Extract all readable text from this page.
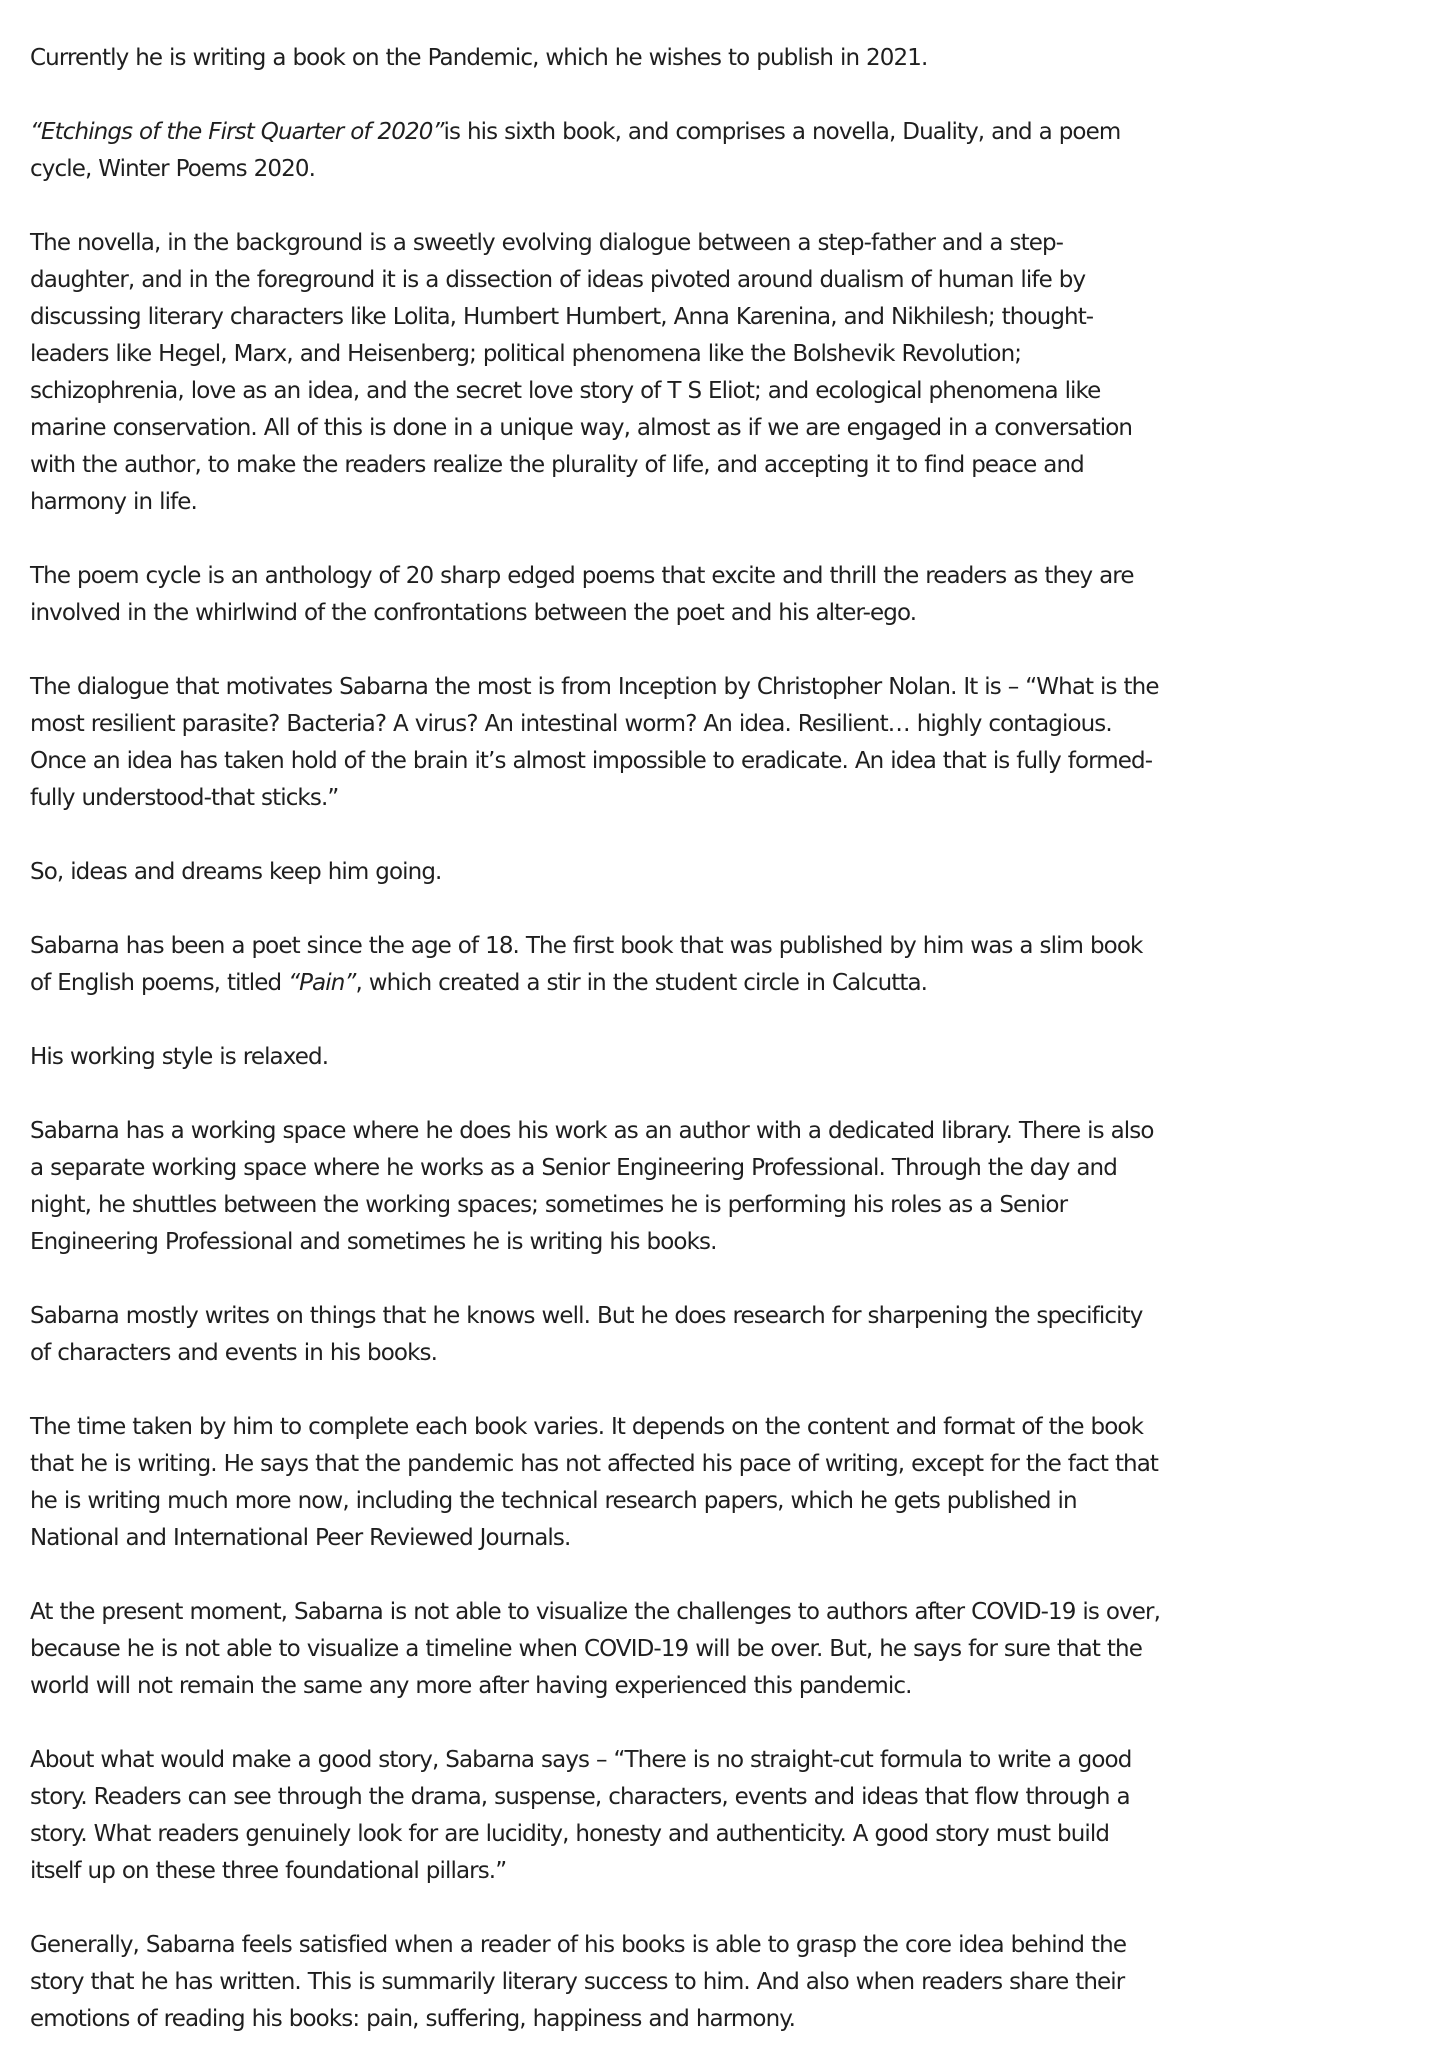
Currently he is writing a book on the Pandemic, which he wishes to publish in 2021.

“Etchings of the First Quarter of 2020”is his sixth book, and comprises a novella, Duality, and a poem cycle, Winter Poems 2020.

The novella, in the background is a sweetly evolving dialogue between a step-father and a step-daughter, and in the foreground it is a dissection of ideas pivoted around dualism of human life by discussing literary characters like Lolita, Humbert Humbert, Anna Karenina, and Nikhilesh; thought-leaders like Hegel, Marx, and Heisenberg; political phenomena like the Bolshevik Revolution; schizophrenia, love as an idea, and the secret love story of T S Eliot; and ecological phenomena like marine conservation. All of this is done in a unique way, almost as if we are engaged in a conversation with the author, to make the readers realize the plurality of life, and accepting it to find peace and harmony in life.

The poem cycle is an anthology of 20 sharp edged poems that excite and thrill the readers as they are involved in the whirlwind of the confrontations between the poet and his alter-ego.

The dialogue that motivates Sabarna the most is from Inception by Christopher Nolan. It is – “What is the most resilient parasite? Bacteria? A virus? An intestinal worm? An idea. Resilient… highly contagious. Once an idea has taken hold of the brain it’s almost impossible to eradicate. An idea that is fully formed-fully understood-that sticks.”

So, ideas and dreams keep him going.

Sabarna has been a poet since the age of 18. The first book that was published by him was a slim book of English poems, titled “Pain”, which created a stir in the student circle in Calcutta.

His working style is relaxed.

Sabarna has a working space where he does his work as an author with a dedicated library. There is also a separate working space where he works as a Senior Engineering Professional. Through the day and night, he shuttles between the working spaces; sometimes he is performing his roles as a Senior Engineering Professional and sometimes he is writing his books.

Sabarna mostly writes on things that he knows well. But he does research for sharpening the specificity of characters and events in his books.

The time taken by him to complete each book varies. It depends on the content and format of the book that he is writing. He says that the pandemic has not affected his pace of writing, except for the fact that he is writing much more now, including the technical research papers, which he gets published in National and International Peer Reviewed Journals.

At the present moment, Sabarna is not able to visualize the challenges to authors after COVID-19 is over, because he is not able to visualize a timeline when COVID-19 will be over. But, he says for sure that the world will not remain the same any more after having experienced this pandemic.

About what would make a good story, Sabarna says – “There is no straight-cut formula to write a good story. Readers can see through the drama, suspense, characters, events and ideas that flow through a story. What readers genuinely look for are lucidity, honesty and authenticity. A good story must build itself up on these three foundational pillars.”

Generally, Sabarna feels satisfied when a reader of his books is able to grasp the core idea behind the story that he has written. This is summarily literary success to him. And also when readers share their emotions of reading his books: pain, suffering, happiness and harmony.
